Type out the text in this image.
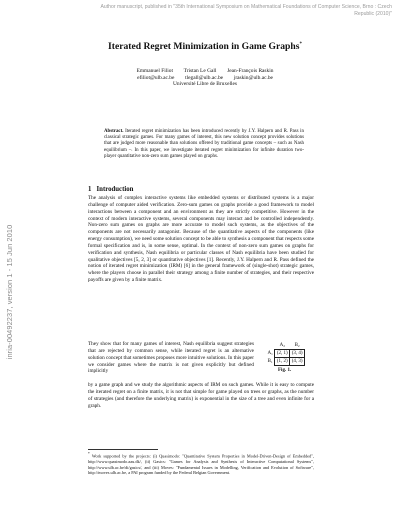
Author manuscript, published in "35th International Symposium on Mathematical Foundations of Computer Science, Brno : Czech
Republic (2010)"
inria-00492237, version 1 - 15 Jun 2010
Iterated Regret Minimization in Game Graphs*
Emmanuel Filiot        Tristan Le Gall        Jean-François Raskin
efiliot@ulb.ac.be        tlegall@ulb.ac.be        jraskin@ulb.ac.be
Université Libre de Bruxelles
Abstract. Iterated regret minimization has been introduced recently by J.Y. Halpern and R. Pass in classical strategic games. For many games of interest, this new solution concept provides solutions that are judged more reasonable than solutions offered by traditional game concepts – such as Nash equilibrium –. In this paper, we investigate iterated regret minimization for infinite duration two-player quantitative non-zero sum games played on graphs.
1 Introduction
The analysis of complex interactive systems like embedded systems or distributed systems is a major challenge of computer aided verification. Zero-sum games on graphs provide a good framework to model interactions between a component and an environment as they are strictly competitive. However in the context of modern interactive systems, several components may interact and be controlled independently. Non-zero sum games on graphs are more accurate to model such systems, as the objectives of the components are not necessarily antagonist. Because of the quantitative aspects of the components (like energy consumption), we need some solution concept to be able to synthesis a component that respects some formal specification and is, in some sense, optimal. In the context of non-zero sum games on graphs for verification and synthesis, Nash equilibria or particular classes of Nash equilibria have been studied for qualitative objectives [5, 2, 3] or quantitative objectives [1]. Recently, J.Y. Halpern and R. Pass defined the notion of iterated regret minimization (IRM) [6] in the general framework of (single-shot) strategic games, where the players choose in parallel their strategy among a finite number of strategies, and their respective payoffs are given by a finite matrix.
They show that for many games of interest, Nash equilibria suggest strategies that are rejected by common sense, while iterated regret is an alternative solution concept that sometimes proposes more intuitive solutions. In this paper we consider games where the matrix is not given explicitly but defined implicitly
by a game graph and we study the algorithmic aspects of IRM on such games. While it is easy to compute the iterated regret on a finite matrix, it is not that simple for game played on trees or graphs, as the number of strategies (and therefore the underlying matrix) is exponential in the size of a tree and even infinite for a graph.
	A₂	B₂
A₁	(2, 1)	(3, 4)
B₁	(1, 2)	(4, 3)
Fig. 1.
* Work supported by the projects: (i) Quasimodo: "Quantitative System Properties in Model-Driven-Design of Embedded", http://www.quasimodo.aau.dk/, (ii) Gasics: "Games for Analysis and Synthesis of Interactive Computational Systems", http://www.ulb.ac.be/di/gasics/, and (iii) Moves: "Fundamental Issues in Modelling, Verification and Evolution of Software", http://moves.ulb.ac.be, a PAI program funded by the Federal Belgian Government.
